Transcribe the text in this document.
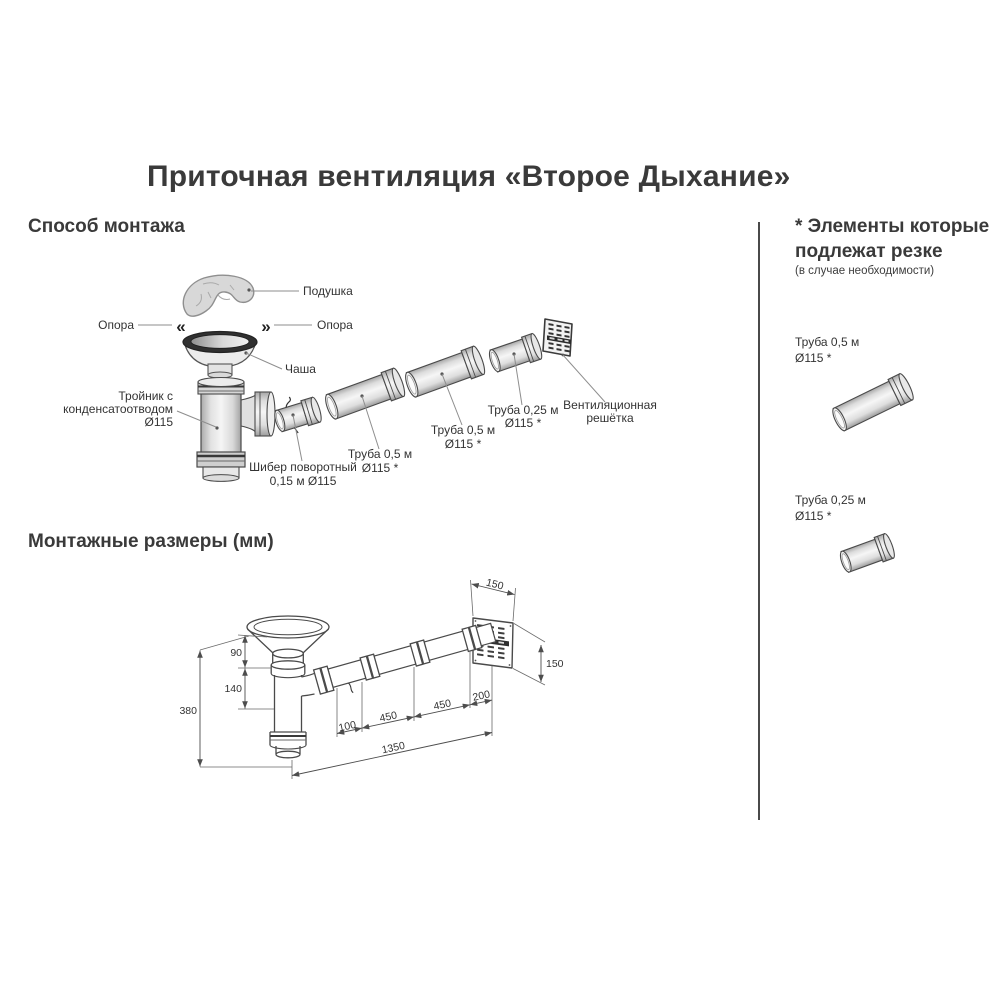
Приточная вентиляция «Второе Дыхание»
Способ монтажа
Подушка
«	»
Опора	Опора
Чаша
Тройник с
конденсатоотводом
Ø115
Шибер поворотный
0,15 м Ø115
Труба 0,5 м
Ø115 *
Труба 0,5 м
Ø115 *
Труба 0,25 м
Ø115 *
Вентиляционная
решётка
Монтажные размеры (мм)
90
140
380
100
450
450
200
1350
150
150
* Элементы которые
подлежат резке
(в случае необходимости)
Труба 0,5 м
Ø115 *
Труба 0,25 м
Ø115 *
